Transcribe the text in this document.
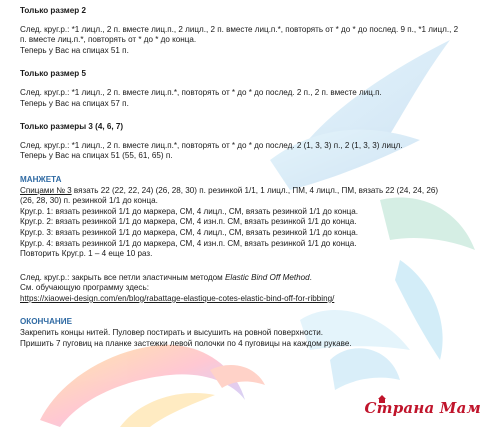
Только размер 2

След. круг.р.: *1 лицл., 2 п. вместе лиц.п., 2 лицл., 2 п. вместе лиц.п.*, повторять от * до * до послед. 9 п., *1 лицл., 2

п. вместе лиц.п.*, повторять от * до * до конца.

Теперь у Вас на спицах 51 п.

Только размер 5

След. круг.р.: *1 лицл., 2 п. вместе лиц.п.*, повторять от * до * до послед. 2 п., 2 п. вместе лиц.п.

Теперь у Вас на спицах 57 п.

Только размеры 3 (4, 6, 7)

След. круг.р.: *1 лицл., 2 п. вместе лиц.п.*, повторять от * до * до послед. 2 (1, 3, 3) п., 2 (1, 3, 3) лицл.

Теперь у Вас на спицах 51 (55, 61, 65) п.

МАНЖЕТА

Спицами № 3 вязать 22 (22, 22, 24) (26, 28, 30) п. резинкой 1/1, 1 лицл., ПМ, 4 лицл., ПМ, вязать 22 (24, 24, 26)

(26, 28, 30) п. резинкой 1/1 до конца.

Круг.р. 1: вязать резинкой 1/1 до маркера, СМ, 4 лицл., СМ, вязать резинкой 1/1 до конца.

Круг.р. 2: вязать резинкой 1/1 до маркера, СМ, 4 изн.п. СМ, вязать резинкой 1/1 до конца.

Круг.р. 3: вязать резинкой 1/1 до маркера, СМ, 4 лицл., СМ, вязать резинкой 1/1 до конца.

Круг.р. 4: вязать резинкой 1/1 до маркера, СМ, 4 изн.п. СМ, вязать резинкой 1/1 до конца.

Повторить Круг.р. 1 – 4 еще 10 раз.

След. круг.р.: закрыть все петли эластичным методом Elastic Bind Off Method.

См. обучающую программу здесь:

https://xiaowei-design.com/en/blog/rabattage-elastique-cotes-elastic-bind-off-for-ribbing/

ОКОНЧАНИЕ

Закрепить концы нитей. Пуловер постирать и высушить на ровной поверхности.

Пришить 7 пуговиц на планке застежки левой полочки по 4 пуговицы на каждом рукаве.

Страна Мам
